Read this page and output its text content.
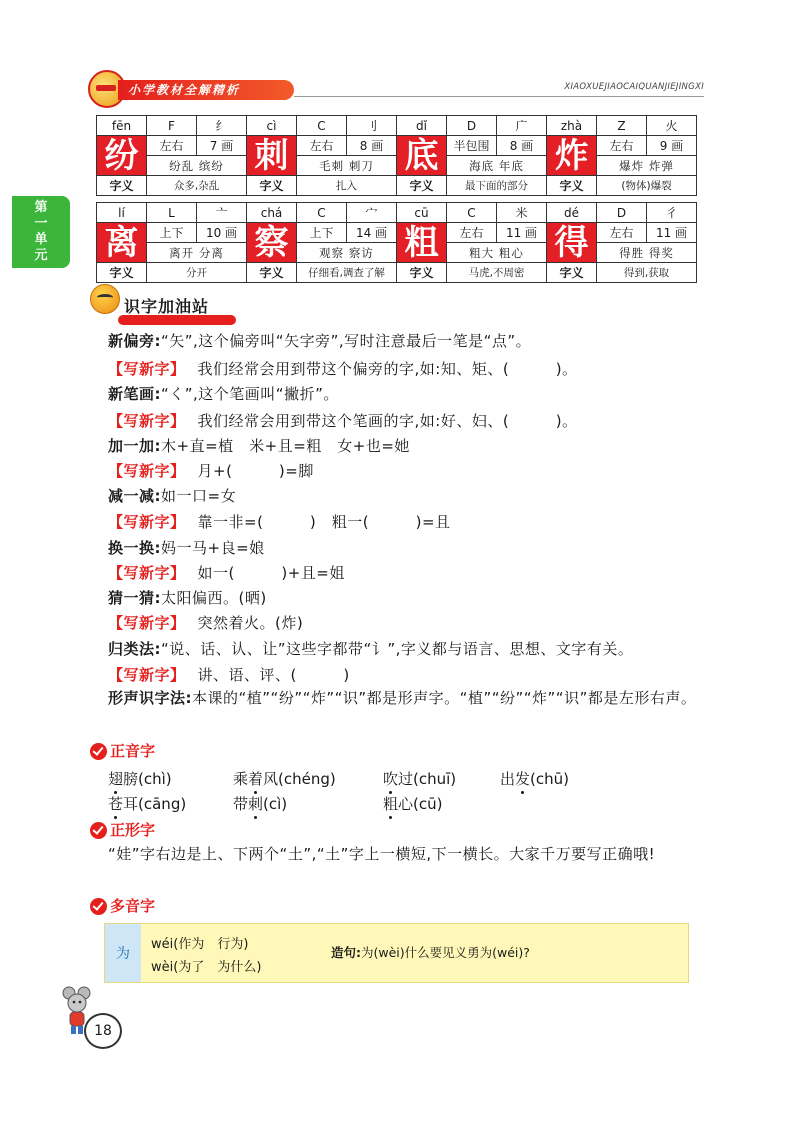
小学教材全解精析	XIAOXUEJIAOCAIQUANJIEJINGXI
第
一
单
元
fēn	F	纟	cì	C	刂	dǐ	D	广	zhà	Z	火
纷	左右	7 画	刺	左右	8 画	底	半包围	8 画	炸	左右	9 画
	纷乱 缤纷			毛刺 刺刀			海底 年底			爆炸 炸弹	
字义	众多,杂乱		字义	扎入		字义	最下面的部分		字义	(物体)爆裂	
lí	L	亠	chá	C	宀	cū	C	米	dé	D	彳
离	上下	10 画	察	上下	14 画	粗	左右	11 画	得	左右	11 画
	离开 分离			观察 察访			粗大 粗心			得胜 得奖	
字义	分开		字义	仔细看,调查了解		字义	马虎,不周密		字义	得到,获取	
识字加油站
新偏旁:“矢”,这个偏旁叫“矢字旁”,写时注意最后一笔是“点”。
【写新字】 我们经常会用到带这个偏旁的字,如:知、矩、(　　　)。
新笔画:“く”,这个笔画叫“撇折”。
【写新字】 我们经常会用到带这个笔画的字,如:好、妇、(　　　)。
加一加:木+直=植　米+且=粗　女+也=她
【写新字】 月+(　　　)=脚
减一减:如一口=女
【写新字】 靠一非=(　　　)　粗一(　　　)=且
换一换:妈一马+良=娘
【写新字】 如一(　　　)+且=姐
猜一猜:太阳偏西。(晒)
【写新字】 突然着火。(炸)
归类法:“说、话、认、让”这些字都带“讠”,字义都与语言、思想、文字有关。
【写新字】 讲、语、评、(　　　)
形声识字法:本课的“植”“纷”“炸”“识”都是形声字。“植”“纷”“炸”“识”都是左形右声。
正音字
翅膀(chì)	乘着风(chéng)	吹过(chuī)	出发(chū)
苍耳(cāng)	带刺(cì)	粗心(cū)
正形字
“娃”字右边是上、下两个“土”,“土”字上一横短,下一横长。大家千万要写正确哦!
多音字
为
wéi(作为　行为)
wèi(为了　为什么)
造句:为(wèi)什么要见义勇为(wéi)?
18
